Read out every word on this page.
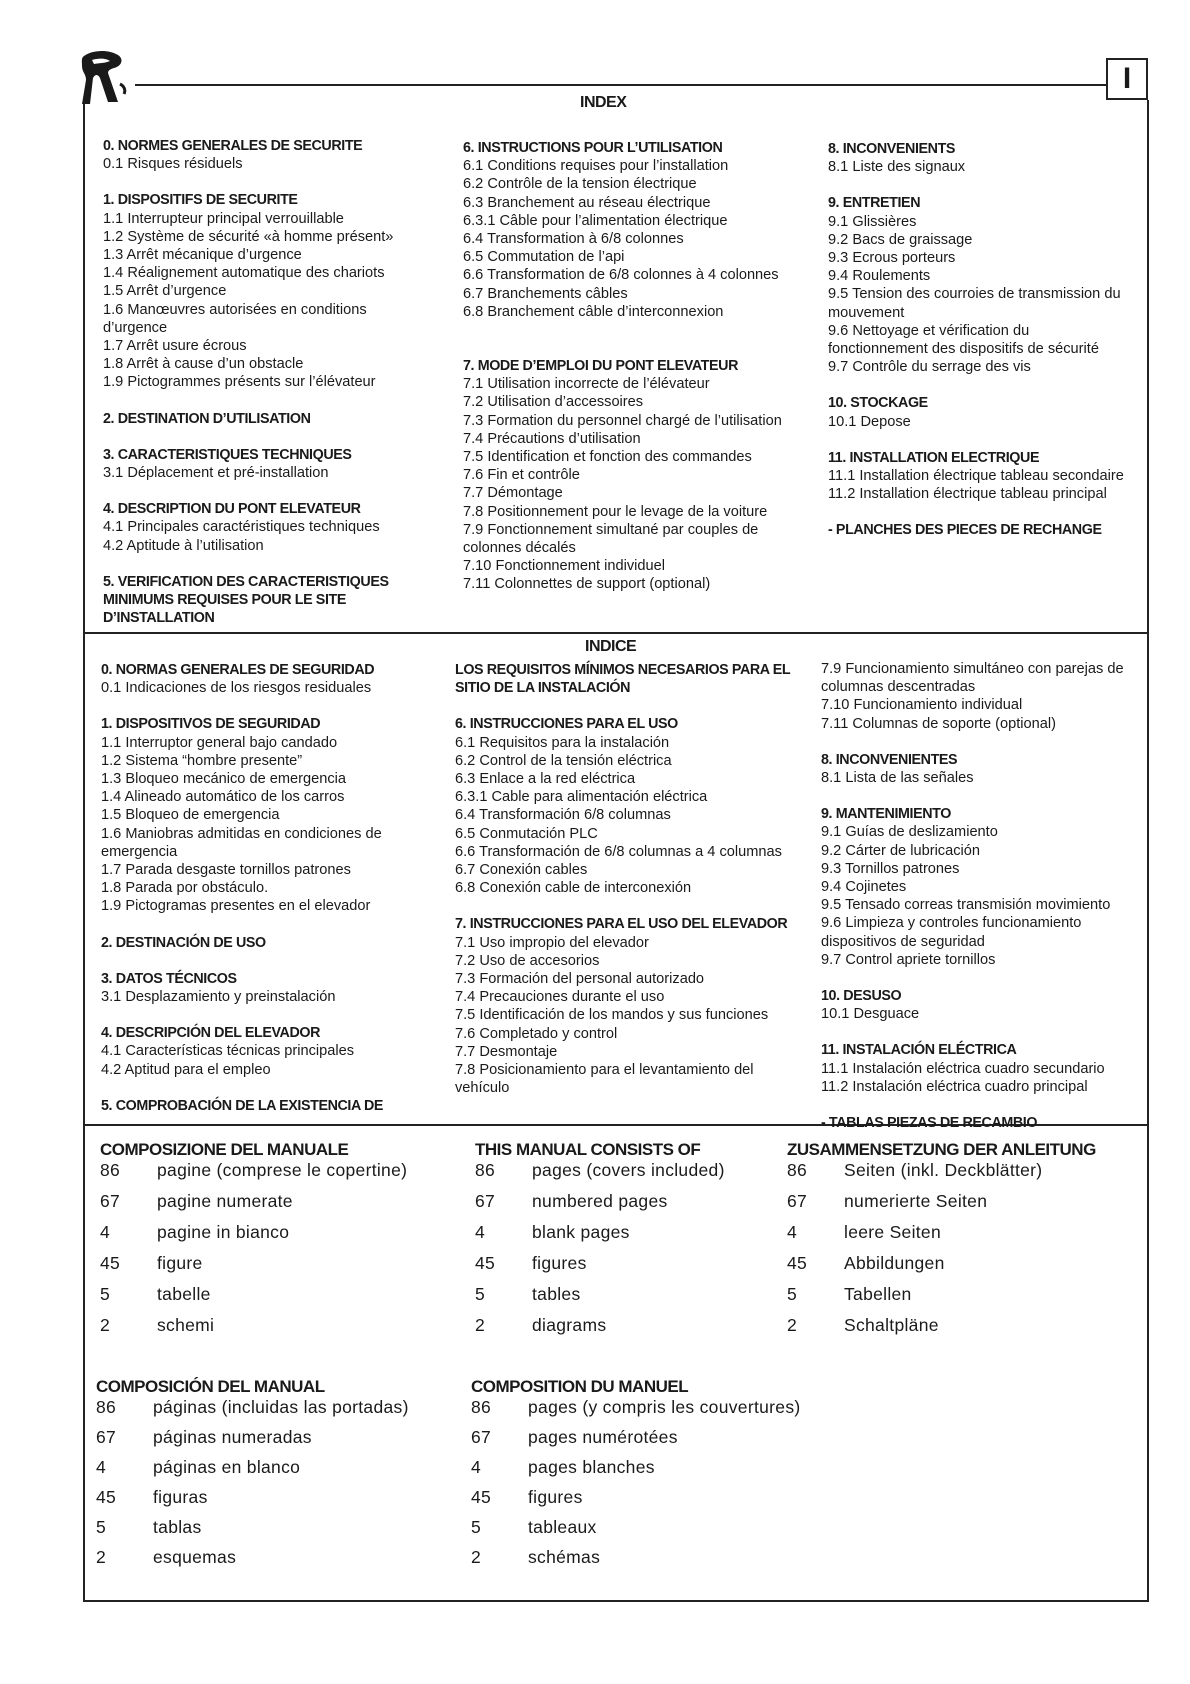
I
INDEX
0. NORMES GENERALES DE SECURITE
0.1 Risques résiduels
1. DISPOSITIFS DE SECURITE
1.1 Interrupteur principal verrouillable
1.2 Système de sécurité «à homme présent»
1.3 Arrêt mécanique d’urgence
1.4 Réalignement automatique des chariots
1.5 Arrêt d’urgence
1.6 Manœuvres autorisées en conditions d’urgence
1.7 Arrêt usure écrous
1.8 Arrêt à cause d’un obstacle
1.9 Pictogrammes présents sur l’élévateur
2. DESTINATION D’UTILISATION
3. CARACTERISTIQUES TECHNIQUES
3.1 Déplacement et pré-installation
4. DESCRIPTION DU PONT ELEVATEUR
4.1 Principales caractéristiques techniques
4.2 Aptitude à l’utilisation
5. VERIFICATION DES CARACTERISTIQUES MINIMUMS REQUISES POUR LE SITE D’INSTALLATION
6. INSTRUCTIONS POUR L’UTILISATION
6.1 Conditions requises pour l’installation
6.2 Contrôle de la tension électrique
6.3 Branchement au réseau électrique
6.3.1 Câble pour l’alimentation électrique
6.4 Transformation à 6/8 colonnes
6.5 Commutation de l’api
6.6 Transformation de 6/8 colonnes à 4 colonnes
6.7 Branchements câbles
6.8 Branchement câble d’interconnexion
7. MODE D’EMPLOI DU PONT ELEVATEUR
7.1 Utilisation incorrecte de l’élévateur
7.2 Utilisation d’accessoires
7.3 Formation du personnel chargé de l’utilisation
7.4 Précautions d’utilisation
7.5 Identification et fonction des commandes
7.6 Fin et contrôle
7.7 Démontage
7.8 Positionnement pour le levage de la voiture
7.9 Fonctionnement simultané par couples de colonnes décalés
7.10 Fonctionnement individuel
7.11 Colonnettes de support (optional)
8. INCONVENIENTS
8.1 Liste des signaux
9. ENTRETIEN
9.1 Glissières
9.2 Bacs de graissage
9.3 Ecrous porteurs
9.4 Roulements
9.5 Tension des courroies de transmission du mouvement
9.6 Nettoyage et vérification du fonctionnement des dispositifs de sécurité
9.7 Contrôle du serrage des vis
10. STOCKAGE
10.1 Depose
11. INSTALLATION ELECTRIQUE
11.1 Installation électrique tableau secondaire
11.2 Installation électrique tableau principal
- PLANCHES DES PIECES DE RECHANGE
INDICE
0. NORMAS GENERALES DE SEGURIDAD
0.1 Indicaciones de los riesgos residuales
1. DISPOSITIVOS DE SEGURIDAD
1.1 Interruptor general bajo candado
1.2 Sistema “hombre presente”
1.3 Bloqueo mecánico de emergencia
1.4 Alineado automático de los carros
1.5 Bloqueo de emergencia
1.6 Maniobras admitidas en condiciones de emergencia
1.7 Parada desgaste tornillos patrones
1.8 Parada por obstáculo.
1.9 Pictogramas presentes en el elevador
2. DESTINACIÓN DE USO
3. DATOS TÉCNICOS
3.1 Desplazamiento y preinstalación
4. DESCRIPCIÓN DEL ELEVADOR
4.1 Características técnicas principales
4.2 Aptitud para el empleo
5. COMPROBACIÓN DE LA EXISTENCIA DE
LOS REQUISITOS MÍNIMOS NECESARIOS PARA EL SITIO DE LA INSTALACIÓN
6. INSTRUCCIONES PARA EL USO
6.1 Requisitos para la instalación
6.2 Control de la tensión eléctrica
6.3 Enlace a la red eléctrica
6.3.1 Cable para alimentación eléctrica
6.4 Transformación 6/8 columnas
6.5 Conmutación PLC
6.6 Transformación de 6/8 columnas a 4 columnas
6.7 Conexión cables
6.8 Conexión cable de interconexión
7. INSTRUCCIONES PARA EL USO DEL ELEVADOR
7.1 Uso impropio del elevador
7.2 Uso de accesorios
7.3 Formación del personal autorizado
7.4 Precauciones durante el uso
7.5 Identificación de los mandos y sus funciones
7.6 Completado y control
7.7 Desmontaje
7.8 Posicionamiento para el levantamiento del vehículo
7.9 Funcionamiento simultáneo con parejas de columnas descentradas
7.10 Funcionamiento individual
7.11 Columnas de soporte (optional)
8. INCONVENIENTES
8.1 Lista de las señales
9. MANTENIMIENTO
9.1 Guías de deslizamiento
9.2 Cárter de lubricación
9.3 Tornillos patrones
9.4 Cojinetes
9.5 Tensado correas transmisión movimiento
9.6 Limpieza y controles funcionamiento dispositivos de seguridad
9.7 Control apriete tornillos
10. DESUSO
10.1 Desguace
11. INSTALACIÓN ELÉCTRICA
11.1 Instalación eléctrica cuadro secundario
11.2 Instalación eléctrica cuadro principal
- TABLAS PIEZAS DE RECAMBIO
COMPOSIZIONE DEL MANUALE
86	pagine (comprese le copertine)
67	pagine numerate
4	pagine in bianco
45	figure
5	tabelle
2	schemi
THIS MANUAL CONSISTS OF
86	pages (covers included)
67	numbered pages
4	blank pages
45	figures
5	tables
2	diagrams
ZUSAMMENSETZUNG DER ANLEITUNG
86	Seiten (inkl. Deckblätter)
67	numerierte Seiten
4	leere Seiten
45	Abbildungen
5	Tabellen
2	Schaltpläne
COMPOSICIÓN DEL MANUAL
86	páginas (incluidas las portadas)
67	páginas numeradas
4	páginas en blanco
45	figuras
5	tablas
2	esquemas
COMPOSITION DU MANUEL
86	pages (y compris les couvertures)
67	pages numérotées
4	pages blanches
45	figures
5	tableaux
2	schémas
